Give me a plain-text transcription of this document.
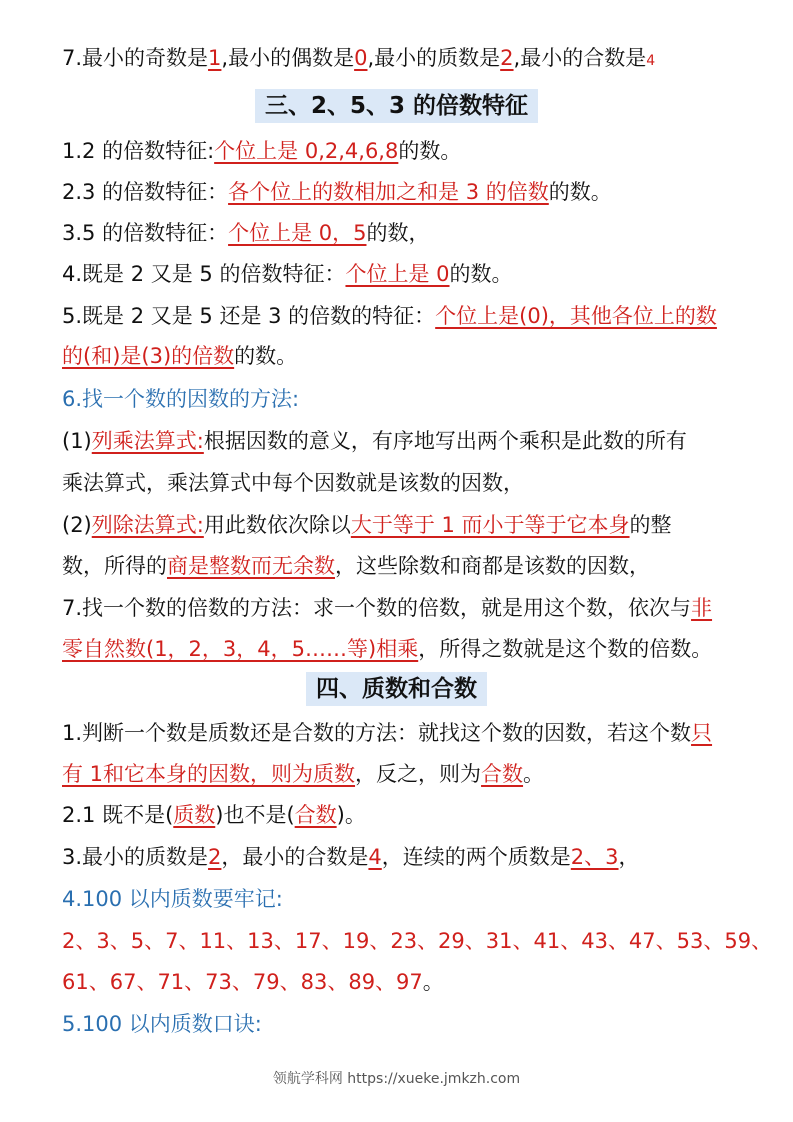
7.最小的奇数是1,最小的偶数是0,最小的质数是2,最小的合数是4
三、2、5、3 的倍数特征
1.2 的倍数特征:个位上是 0,2,4,6,8的数。
2.3 的倍数特征：各个位上的数相加之和是 3 的倍数的数。
3.5 的倍数特征：个位上是 0，5的数，
4.既是 2 又是 5 的倍数特征：个位上是 0的数。
5.既是 2 又是 5 还是 3 的倍数的特征：个位上是(0)，其他各位上的数
的(和)是(3)的倍数的数。
6.找一个数的因数的方法:
(1)列乘法算式:根据因数的意义，有序地写出两个乘积是此数的所有
乘法算式，乘法算式中每个因数就是该数的因数，
(2)列除法算式:用此数依次除以大于等于 1 而小于等于它本身的整
数，所得的商是整数而无余数，这些除数和商都是该数的因数，
7.找一个数的倍数的方法：求一个数的倍数，就是用这个数，依次与非
零自然数(1，2，3，4，5……等)相乘，所得之数就是这个数的倍数。
四、质数和合数
1.判断一个数是质数还是合数的方法：就找这个数的因数，若这个数只
有 1和它本身的因数，则为质数，反之，则为合数。
2.1 既不是(质数)也不是(合数)。
3.最小的质数是2，最小的合数是4，连续的两个质数是2、3，
4.100 以内质数要牢记:
2、3、5、7、11、13、17、19、23、29、31、41、43、47、53、59、
61、67、71、73、79、83、89、97。
5.100 以内质数口诀:
领航学科网 https://xueke.jmkzh.com
